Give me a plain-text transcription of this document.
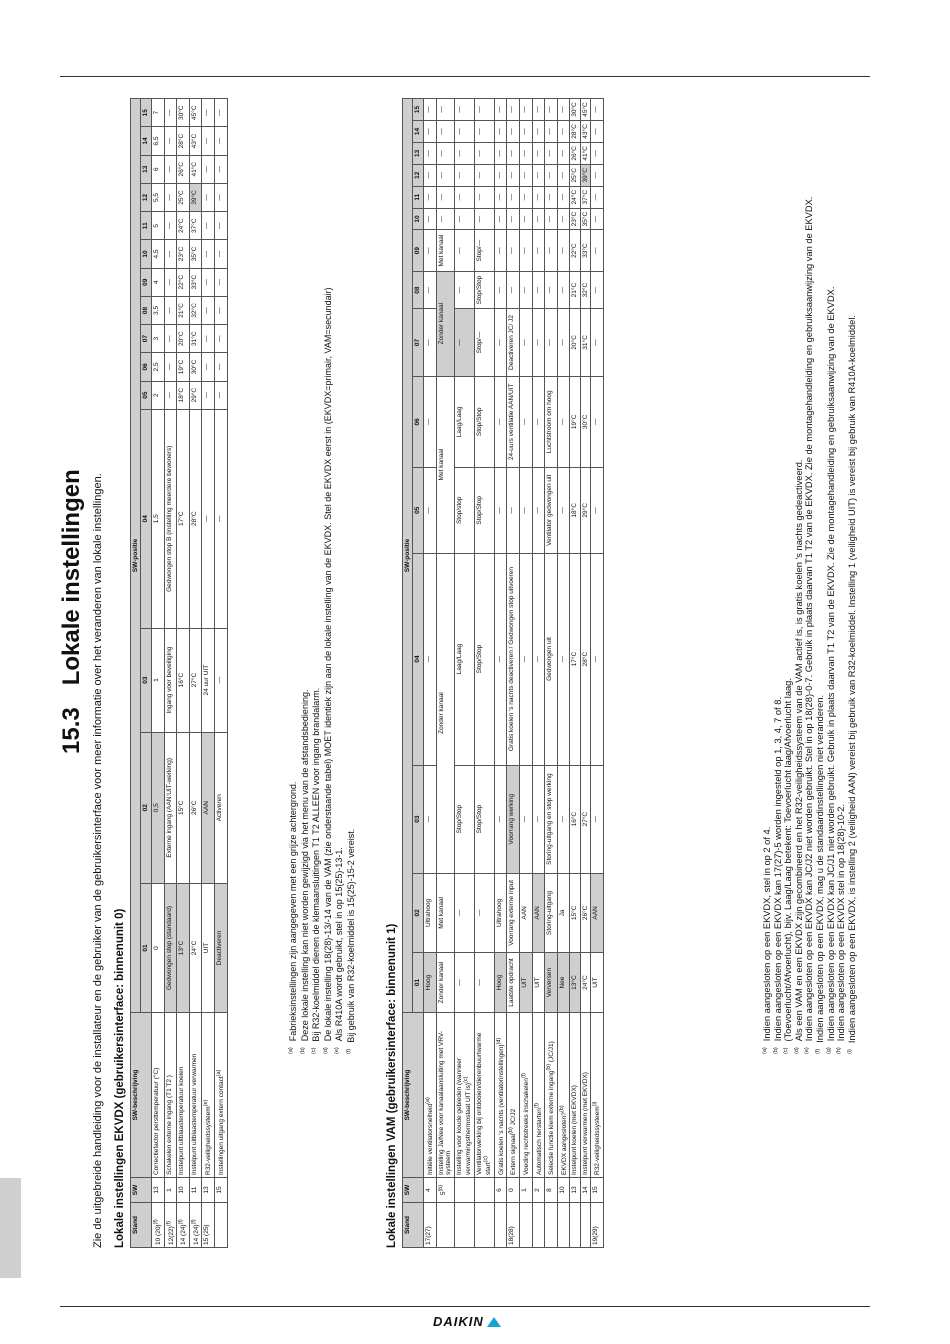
DAIKIN
15.3Lokale instellingen Zie de uitgebreide handleiding voor de installateur en de gebruiker van de gebruikersinterface voor meer informatie over het veranderen van lokale instellingen. Lokale instellingen EKVDX (gebruikersinterface: binnenunit 0) Stand	SW	SW-beschrijving	SW-positie														
			01	02	03	04	05	06	07	08	09	10	11	12	13	14	15
10 $(20)^{(f)}$	13	Correctiefactor persttemperatuur (°C)	0	0,5	1	1,5	2	2,5	3	3,5	4	4,5	5	5,5	6	6,5	7
$12(22)^{(f)}$	1	Schakelen externe ingang (T1 T2 )	Gedwongen stop (standaard)	Externe ingang (AAN:UIT-werking)	Ingang voor beveiliging	Gedwongen stop B (instelling meerdere bewoners)	—	—	—	—	—	—	—	—	—	—	—
14 $(24)^{(f)}$	10	Instelpunt uitblaastemperatuur koelen	13°C	15°C	16°C	17°C	18°C	19°C	20°C	21°C	22°C	23°C	24°C	25°C	26°C	28°C	30°C
14 $(24)^{(f)}$	11	Instelpunt uitblaastemperatuur verwarmen	24°C	26°C	27°C	28°C	29°C	30°C	31°C	32°C	33°C	35°C	37°C	39°C	41°C	43°C	45°C
15 (25)	13	R32-veiligheidssysteem$^{(e)}$	UIT	AAN	24 uur UIT	—	—	—	—	—	—	—	—	—	—	—	—
	15	Instellingen uitgang extern contact$^{(a)}$	Deactiveren	Activeren	—	—	—	—	—	—	—	—	—	—	—	—	—
$^{(a)}$Fabrieksinstellingen zijn aangegeven met een grijze achtergrond.
$^{(b)}$Deze lokale instelling kan niet worden gewijzigd via het menu van de afstandsbediening.
$^{(c)}$Bij R32-koelmiddel dienen de klemaansluitingen T1 T2 ALLEEN voor ingang brandalarm.
$^{(d)}$De lokale instelling 18(28)-13/-14 van de VAM (zie onderstaande tabel) MOET identiek zijn aan de lokale instelling van de EKVDX. Stel de EKVDX eerst in (EKVDX=primair, VAM=secundair)
$^{(e)}$Als R410A wordt gebruikt, stel in op 15(25)-13-1.
$^{(f)}$Bij gebruik van R32-koelmiddel is 15(25)-15-2 vereist.	Lokale instellingen VAM (gebruikersinterface: binnenunit 1) Stand	SW	SW-beschrijving	SW-positie														
			01	02	03	04	05	06	07	08	09	10	11	12	13	14	15
17(27)	4	Initiële ventilatorsnelheid$^{(a)}$	Hoog	Ultrahoog	—	—	—	—	—	—	—	—	—	—	—	—	—
	5$^{(b)}$	Instelling Ja/Nee voor kanaalaansluiting met VRV-systeem	Zonder kanaal	Met kanaal	Zonder kanaal		Met kanaal		Zonder kanaal		Met kanaal	—	—	—	—	—	—
		Instelling voor koude gebieden (wanneer verwarmingsthermostaat UIT is)$^{(c)}$	—	—	Stop/Stop	Laag/Laag	Stop/stop	Laag/Laag	—	—	—	—	—	—	—	—	—
		Ventilatorwerking bij ontdooien/dierenbuurtwarme start$^{(c)}$	—	—	Stop/Stop	Stop/Stop	Stop/Stop	Stop/Stop	Stop/—	Stop/Stop	Stop/—	—	—	—	—	—	—
	6	Gratis koelen 's nachts (ventilatorinstellingen)$^{(d)}$	Hoog	Ultrahoog	—	—	—	—	—	—	—	—	—	—	—	—	—
18(28)	0	Extern signaal$^{(b)}$ JC/J2	Laatste opdracht	Voorrang externe input	Voorrang werking	Gratis koelen 's nachts deactiveren / Gedwongen stop uitvoeren	—	24-uurs ventilatie AAN/UIT	Deactiveren JC/ J2	—	—	—	—	—	—	—	—
	1	Voeding rechtstreeks inschakelen$^{(f)}$	UIT	AAN	—	—	—	—	—	—	—	—	—	—	—	—	—
	2	Automatisch herstarten$^{(f)}$	UIT	AAN	—	—	—	—	—	—	—	—	—	—	—	—	—
	8	Selectie functie klem externe ingang$^{(b)}$ (JC/J1)	Verversen	Storing-uitgang	Storing-uitgang en stop werking	Gedwongen uit	Ventilator gedwongen uit	Luchtstroom om hoog	—	—	—	—	—	—	—	—	—
	10	EKVDX aangesloten?$^{(b)}$	Nee	Ja	—	—	—	—	—	—	—	—	—	—	—	—	—
	13	Instelpunt koelen (met EKVDX)	13°C	15°C	16°C	17°C	18°C	19°C	20°C	21°C	22°C	23°C	24°C	25°C	26°C	28°C	30°C
	14	Instelpunt verwarmen (met EKVDX)	24°C	26°C	27°C	28°C	29°C	30°C	31°C	32°C	33°C	35°C	37°C	39°C	41°C	43°C	45°C
19(29)	15	R32-veiligheidssysteem$^{(i)}$	UIT	AAN	—	—	—	—	—	—	—	—	—	—	—	—	—
$^{(a)}$Indien aangesloten op een EKVDX, stel in op 2 of 4.
$^{(b)}$Indien aangesloten op een EKVDX kan 17(27)-5 worden ingesteld op 1, 3, 4, 7 of 8.
$^{(c)}$(Toevoerlucht/Afvoerlucht), bijv. Laag/Laag betekent: Toevoerlucht laag/Afvoerlucht laag.
$^{(d)}$Als een VAM en een EKVDX zijn gecombineerd en het R32-veiligheidssysteem van de VAM actief is, is gratis koelen 's nachts gedeactiveerd.
$^{(e)}$Indien aangesloten op een EKVDX kan JC/J2 niet worden gebruikt. Stel in op 18(28)-0-7. Gebruik in plaats daarvan T1 T2 van de EKVDX. Zie de montagehandleiding en gebruiksaanwijzing van de EKVDX.
$^{(f)}$Indien aangesloten op een EKVDX, mag u de standaardinstellingen niet veranderen.
$^{(g)}$Indien aangesloten op een EKVDX kan JC/J1 niet worden gebruikt. Gebruik in plaats daarvan T1 T2 van de EKVDX. Zie de montagehandleiding en gebruiksaanwijzing van de EKVDX.
$^{(h)}$Indien aangesloten op een EKVDX stel in op 18(28)-10-2.
$^{(i)}$Indien aangesloten op een EKVDX, is instelling 2 (veiligheid AAN) vereist bij gebruik van R32-koelmiddel. Instelling 1 (veiligheid UIT) is vereist bij gebruik van R410A-koelmiddel.
